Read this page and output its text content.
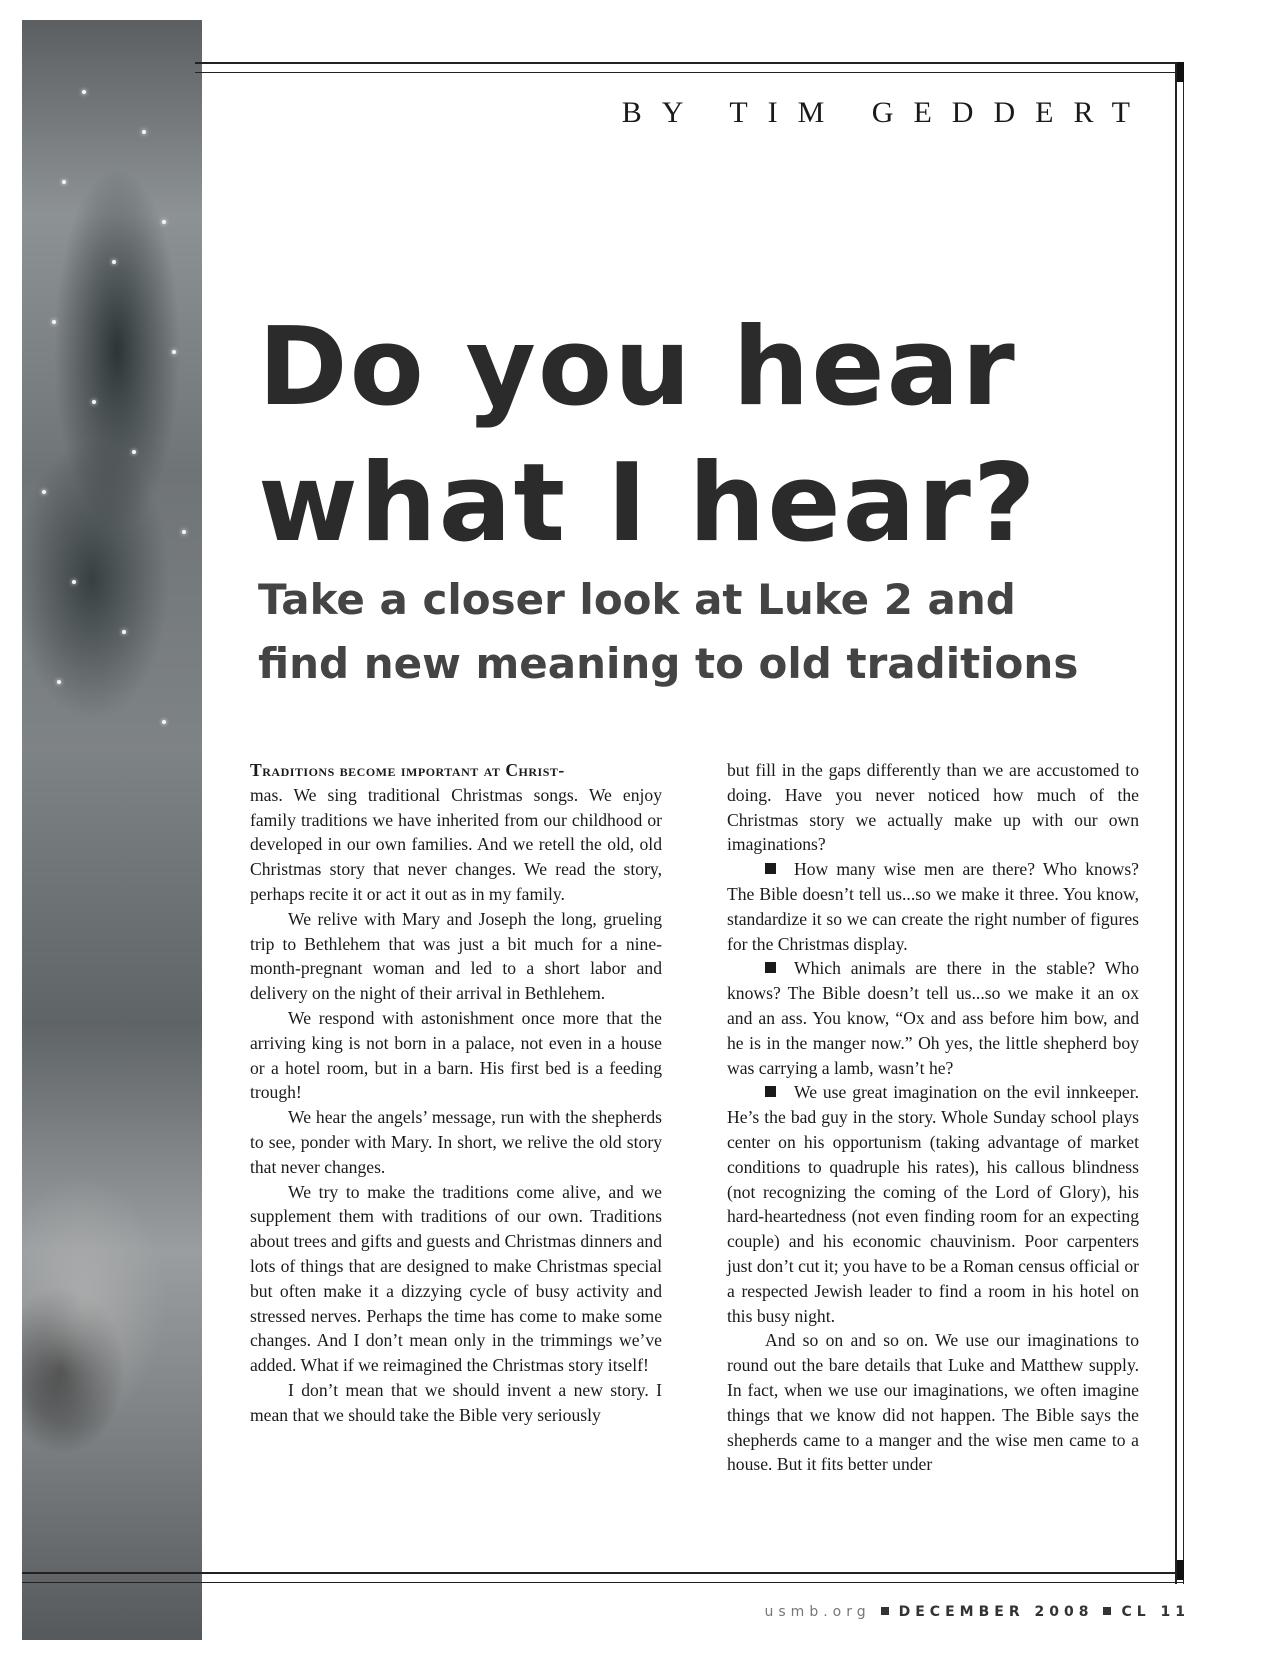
BY TIM GEDDERT
Do you hear
what I hear?
Take a closer look at Luke 2 and
find new meaning to old traditions

Traditions become important at Christ-
mas. We sing traditional Christmas songs. We enjoy family traditions we have inherited from our childhood or developed in our own families. And we retell the old, old Christmas story that never changes. We read the story, perhaps recite it or act it out as in my family.

We relive with Mary and Joseph the long, grueling trip to Bethlehem that was just a bit much for a nine-month-pregnant woman and led to a short labor and delivery on the night of their arrival in Bethlehem.

We respond with astonishment once more that the arriving king is not born in a palace, not even in a house or a hotel room, but in a barn. His first bed is a feeding trough!

We hear the angels’ message, run with the shepherds to see, ponder with Mary. In short, we relive the old story that never changes.

We try to make the traditions come alive, and we supplement them with traditions of our own. Traditions about trees and gifts and guests and Christmas dinners and lots of things that are designed to make Christmas special but often make it a dizzying cycle of busy activity and stressed nerves. Perhaps the time has come to make some changes. And I don’t mean only in the trimmings we’ve added. What if we reimagined the Christmas story itself!

I don’t mean that we should invent a new story. I mean that we should take the Bible very seriously

but fill in the gaps differently than we are accustomed to doing. Have you never noticed how much of the Christmas story we actually make up with our own imaginations?

How many wise men are there? Who knows? The Bible doesn’t tell us...so we make it three. You know, standardize it so we can create the right number of figures for the Christmas display.

Which animals are there in the stable? Who knows? The Bible doesn’t tell us...so we make it an ox and an ass. You know, “Ox and ass before him bow, and he is in the manger now.” Oh yes, the little shepherd boy was carrying a lamb, wasn’t he?

We use great imagination on the evil innkeeper. He’s the bad guy in the story. Whole Sunday school plays center on his opportunism (taking advantage of market conditions to quadruple his rates), his callous blindness (not recognizing the coming of the Lord of Glory), his hard-heartedness (not even finding room for an expecting couple) and his economic chauvinism. Poor carpenters just don’t cut it; you have to be a Roman census official or a respected Jewish leader to find a room in his hotel on this busy night.

And so on and so on. We use our imaginations to round out the bare details that Luke and Matthew supply. In fact, when we use our imaginations, we often imagine things that we know did not happen. The Bible says the shepherds came to a manger and the wise men came to a house. But it fits better under

usmb.org DECEMBER 2008 CL 11
